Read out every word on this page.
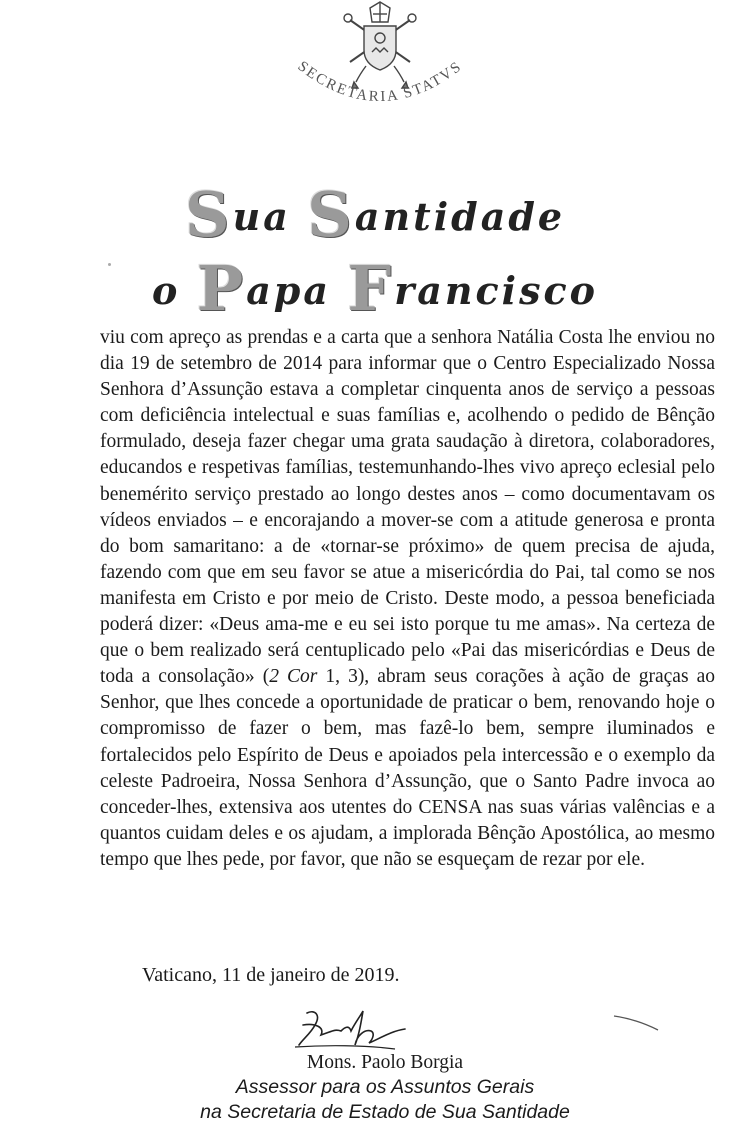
SECRETARIA STATVS
Sua Santidade
o Papa Francisco

viu com apreço as prendas e a carta que a senhora Natália Costa lhe enviou no dia 19 de setembro de 2014 para informar que o Centro Especializado Nossa Senhora d’Assunção estava a completar cinquenta anos de serviço a pessoas com deficiência intelectual e suas famílias e, acolhendo o pedido de Bênção formulado, deseja fazer chegar uma grata saudação à diretora, colaboradores, educandos e respetivas famílias, testemunhando-lhes vivo apreço eclesial pelo benemérito serviço prestado ao longo destes anos – como documentavam os vídeos enviados – e encorajando a mover-se com a atitude generosa e pronta do bom samaritano: a de «tornar-se próximo» de quem precisa de ajuda, fazendo com que em seu favor se atue a misericórdia do Pai, tal como se nos manifesta em Cristo e por meio de Cristo. Deste modo, a pessoa beneficiada poderá dizer: «Deus ama-me e eu sei isto porque tu me amas». Na certeza de que o bem realizado será centuplicado pelo «Pai das misericórdias e Deus de toda a consolação» (2 Cor 1, 3), abram seus corações à ação de graças ao Senhor, que lhes concede a oportunidade de praticar o bem, renovando hoje o compromisso de fazer o bem, mas fazê-lo bem, sempre iluminados e fortalecidos pelo Espírito de Deus e apoiados pela intercessão e o exemplo da celeste Padroeira, Nossa Senhora d’Assunção, que o Santo Padre invoca ao conceder-lhes, extensiva aos utentes do CENSA nas suas várias valências e a quantos cuidam deles e os ajudam, a implorada Bênção Apostólica, ao mesmo tempo que lhes pede, por favor, que não se esqueçam de rezar por ele.

Vaticano, 11 de janeiro de 2019.
Mons. Paolo Borgia
Assessor para os Assuntos Gerais
na Secretaria de Estado de Sua Santidade
